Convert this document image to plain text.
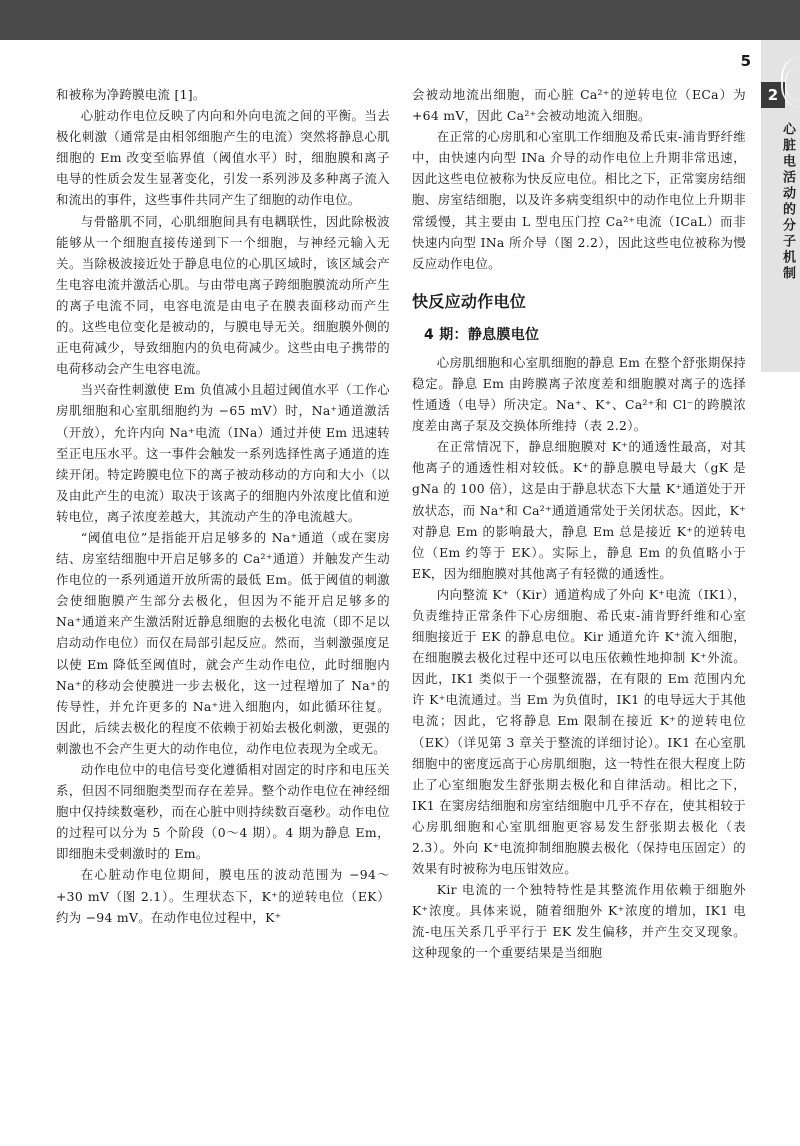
2
心脏电活动的分子机制
5

和被称为净跨膜电流 [1]。

心脏动作电位反映了内向和外向电流之间的平衡。当去极化刺激（通常是由相邻细胞产生的电流）突然将静息心肌细胞的 Em 改变至临界值（阈值水平）时，细胞膜和离子电导的性质会发生显著变化，引发一系列涉及多种离子流入和流出的事件，这些事件共同产生了细胞的动作电位。

与骨骼肌不同，心肌细胞间具有电耦联性，因此除极波能够从一个细胞直接传递到下一个细胞，与神经元输入无关。当除极波接近处于静息电位的心肌区域时，该区域会产生电容电流并激活心肌。与由带电离子跨细胞膜流动所产生的离子电流不同，电容电流是由电子在膜表面移动而产生的。这些电位变化是被动的，与膜电导无关。细胞膜外侧的正电荷减少，导致细胞内的负电荷减少。这些由电子携带的电荷移动会产生电容电流。

当兴奋性刺激使 Em 负值减小且超过阈值水平（工作心房肌细胞和心室肌细胞约为 −65 mV）时，Na⁺通道激活（开放），允许内向 Na⁺电流（INa）通过并使 Em 迅速转至正电压水平。这一事件会触发一系列选择性离子通道的连续开闭。特定跨膜电位下的离子被动移动的方向和大小（以及由此产生的电流）取决于该离子的细胞内外浓度比值和逆转电位，离子浓度差越大，其流动产生的净电流越大。

“阈值电位”是指能开启足够多的 Na⁺通道（或在窦房结、房室结细胞中开启足够多的 Ca²⁺通道）并触发产生动作电位的一系列通道开放所需的最低 Em。低于阈值的刺激会使细胞膜产生部分去极化，但因为不能开启足够多的 Na⁺通道来产生激活附近静息细胞的去极化电流（即不足以启动动作电位）而仅在局部引起反应。然而，当刺激强度足以使 Em 降低至阈值时，就会产生动作电位，此时细胞内 Na⁺的移动会使膜进一步去极化，这一过程增加了 Na⁺的传导性，并允许更多的 Na⁺进入细胞内，如此循环往复。因此，后续去极化的程度不依赖于初始去极化刺激，更强的刺激也不会产生更大的动作电位，动作电位表现为全或无。

动作电位中的电信号变化遵循相对固定的时序和电压关系，但因不同细胞类型而存在差异。整个动作电位在神经细胞中仅持续数毫秒，而在心脏中则持续数百毫秒。动作电位的过程可以分为 5 个阶段（0～4 期）。4 期为静息 Em，即细胞未受刺激时的 Em。

在心脏动作电位期间，膜电压的波动范围为 −94～+30 mV（图 2.1）。生理状态下，K⁺的逆转电位（EK）约为 −94 mV。在动作电位过程中，K⁺

会被动地流出细胞，而心脏 Ca²⁺的逆转电位（ECa）为 +64 mV，因此 Ca²⁺会被动地流入细胞。

在正常的心房肌和心室肌工作细胞及希氏束-浦肯野纤维中，由快速内向型 INa 介导的动作电位上升期非常迅速，因此这些电位被称为快反应电位。相比之下，正常窦房结细胞、房室结细胞，以及许多病变组织中的动作电位上升期非常缓慢，其主要由 L 型电压门控 Ca²⁺电流（ICaL）而非快速内向型 INa 所介导（图 2.2），因此这些电位被称为慢反应动作电位。

快反应动作电位
4 期：静息膜电位

心房肌细胞和心室肌细胞的静息 Em 在整个舒张期保持稳定。静息 Em 由跨膜离子浓度差和细胞膜对离子的选择性通透（电导）所决定。Na⁺、K⁺、Ca²⁺和 Cl⁻的跨膜浓度差由离子泵及交换体所维持（表 2.2）。

在正常情况下，静息细胞膜对 K⁺的通透性最高，对其他离子的通透性相对较低。K⁺的静息膜电导最大（gK 是 gNa 的 100 倍），这是由于静息状态下大量 K⁺通道处于开放状态，而 Na⁺和 Ca²⁺通道通常处于关闭状态。因此，K⁺对静息 Em 的影响最大，静息 Em 总是接近 K⁺的逆转电位（Em 约等于 EK）。实际上，静息 Em 的负值略小于 EK，因为细胞膜对其他离子有轻微的通透性。

内向整流 K⁺（Kir）通道构成了外向 K⁺电流（IK1），负责维持正常条件下心房细胞、希氏束-浦肯野纤维和心室细胞接近于 EK 的静息电位。Kir 通道允许 K⁺流入细胞，在细胞膜去极化过程中还可以电压依赖性地抑制 K⁺外流。因此，IK1 类似于一个强整流器，在有限的 Em 范围内允许 K⁺电流通过。当 Em 为负值时，IK1 的电导远大于其他电流；因此，它将静息 Em 限制在接近 K⁺的逆转电位（EK）（详见第 3 章关于整流的详细讨论）。IK1 在心室肌细胞中的密度远高于心房肌细胞，这一特性在很大程度上防止了心室细胞发生舒张期去极化和自律活动。相比之下，IK1 在窦房结细胞和房室结细胞中几乎不存在，使其相较于心房肌细胞和心室肌细胞更容易发生舒张期去极化（表 2.3）。外向 K⁺电流抑制细胞膜去极化（保持电压固定）的效果有时被称为电压钳效应。

Kir 电流的一个独特特性是其整流作用依赖于细胞外 K⁺浓度。具体来说，随着细胞外 K⁺浓度的增加，IK1 电流-电压关系几乎平行于 EK 发生偏移，并产生交叉现象。这种现象的一个重要结果是当细胞
